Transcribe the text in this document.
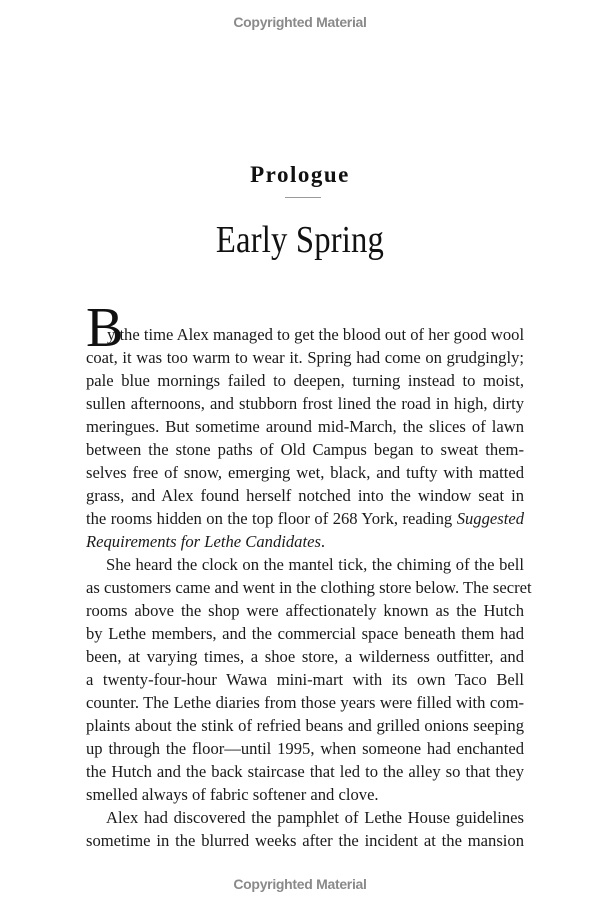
Copyrighted Material
Prologue
Early Spring
B
y the time Alex managed to get the blood out of her good wool
coat, it was too warm to wear it. Spring had come on grudgingly;
pale blue mornings failed to deepen, turning instead to moist,
sullen afternoons, and stubborn frost lined the road in high, dirty
meringues. But sometime around mid-March, the slices of lawn
between the stone paths of Old Campus began to sweat them-
selves free of snow, emerging wet, black, and tufty with matted
grass, and Alex found herself notched into the window seat in
the rooms hidden on the top floor of 268 York, reading Suggested
Requirements for Lethe Candidates.
She heard the clock on the mantel tick, the chiming of the bell
as customers came and went in the clothing store below. The secret
rooms above the shop were affectionately known as the Hutch
by Lethe members, and the commercial space beneath them had
been, at varying times, a shoe store, a wilderness outfitter, and
a twenty-four-hour Wawa mini-mart with its own Taco Bell
counter. The Lethe diaries from those years were filled with com-
plaints about the stink of refried beans and grilled onions seeping
up through the floor—until 1995, when someone had enchanted
the Hutch and the back staircase that led to the alley so that they
smelled always of fabric softener and clove.
Alex had discovered the pamphlet of Lethe House guidelines
sometime in the blurred weeks after the incident at the mansion
Copyrighted Material
